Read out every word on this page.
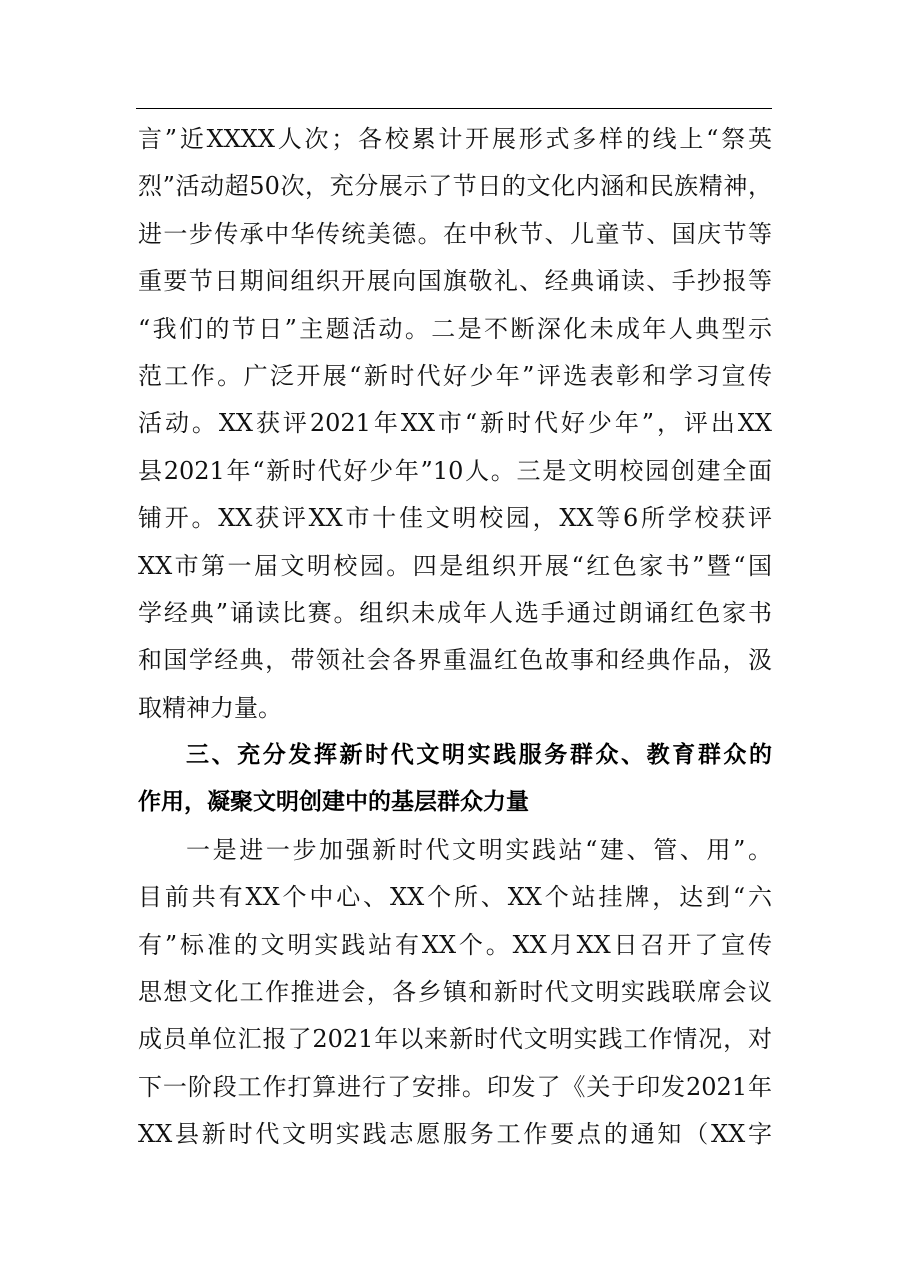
言”近XXXX人次；各校累计开展形式多样的线上“祭英
烈”活动超50次，充分展示了节日的文化内涵和民族精神，
进一步传承中华传统美德。在中秋节、儿童节、国庆节等
重要节日期间组织开展向国旗敬礼、经典诵读、手抄报等
“我们的节日”主题活动。二是不断深化未成年人典型示
范工作。广泛开展“新时代好少年”评选表彰和学习宣传
活动。XX获评2021年XX市“新时代好少年”，评出XX
县2021年“新时代好少年”10人。三是文明校园创建全面
铺开。XX获评XX市十佳文明校园，XX等6所学校获评
XX市第一届文明校园。四是组织开展“红色家书”暨“国
学经典”诵读比赛。组织未成年人选手通过朗诵红色家书
和国学经典，带领社会各界重温红色故事和经典作品，汲
取精神力量。
三、充分发挥新时代文明实践服务群众、教育群众的
作用，凝聚文明创建中的基层群众力量
一是进一步加强新时代文明实践站“建、管、用”。
目前共有XX个中心、XX个所、XX个站挂牌，达到“六
有”标准的文明实践站有XX个。XX月XX日召开了宣传
思想文化工作推进会，各乡镇和新时代文明实践联席会议
成员单位汇报了2021年以来新时代文明实践工作情况，对
下一阶段工作打算进行了安排。印发了《关于印发2021年
XX县新时代文明实践志愿服务工作要点的通知（XX字
